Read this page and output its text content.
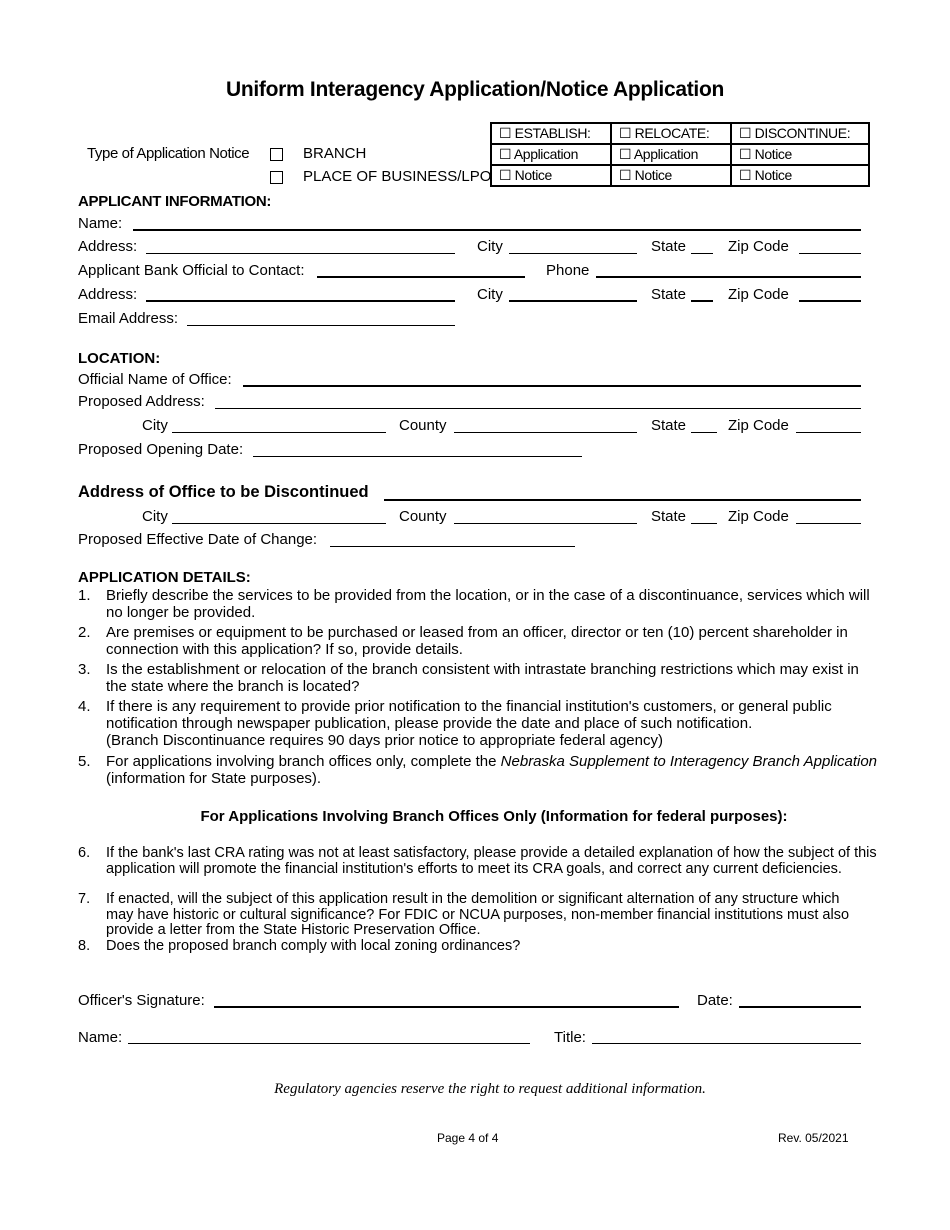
Uniform Interagency Application/Notice Application
Type of Application Notice	BRANCH
PLACE OF BUSINESS/LPO
☐ ESTABLISH:	☐ RELOCATE:	☐ DISCONTINUE:
☐ Application	☐ Application	☐ Notice
☐ Notice	☐ Notice	☐ Notice
APPLICANT INFORMATION:
Name:
Address:	City	State	Zip Code
Applicant Bank Official to Contact:	Phone
Address:	City	State	Zip Code
Email Address:
LOCATION:
Official Name of Office:
Proposed Address:
City	County	State	Zip Code
Proposed Opening Date:
Address of Office to be Discontinued
City	County	State	Zip Code
Proposed Effective Date of Change:
APPLICATION DETAILS:
1. Briefly describe the services to be provided from the location, or in the case of a discontinuance, services which will no longer be provided.
2. Are premises or equipment to be purchased or leased from an officer, director or ten (10) percent shareholder in connection with this application? If so, provide details.
3. Is the establishment or relocation of the branch consistent with intrastate branching restrictions which may exist in the state where the branch is located?
4. If there is any requirement to provide prior notification to the financial institution's customers, or general public notification through newspaper publication, please provide the date and place of such notification.
(Branch Discontinuance requires 90 days prior notice to appropriate federal agency)
5. For applications involving branch offices only, complete the Nebraska Supplement to Interagency Branch Application (information for State purposes).
For Applications Involving Branch Offices Only (Information for federal purposes):
6. If the bank's last CRA rating was not at least satisfactory, please provide a detailed explanation of how the subject of this application will promote the financial institution's efforts to meet its CRA goals, and correct any current deficiencies.
7. If enacted, will the subject of this application result in the demolition or significant alternation of any structure which may have historic or cultural significance? For FDIC or NCUA purposes, non-member financial institutions must also provide a letter from the State Historic Preservation Office.
8. Does the proposed branch comply with local zoning ordinances?
Officer's Signature:	Date:
Name:	Title:
Regulatory agencies reserve the right to request additional information.
Page 4 of 4	Rev. 05/2021
